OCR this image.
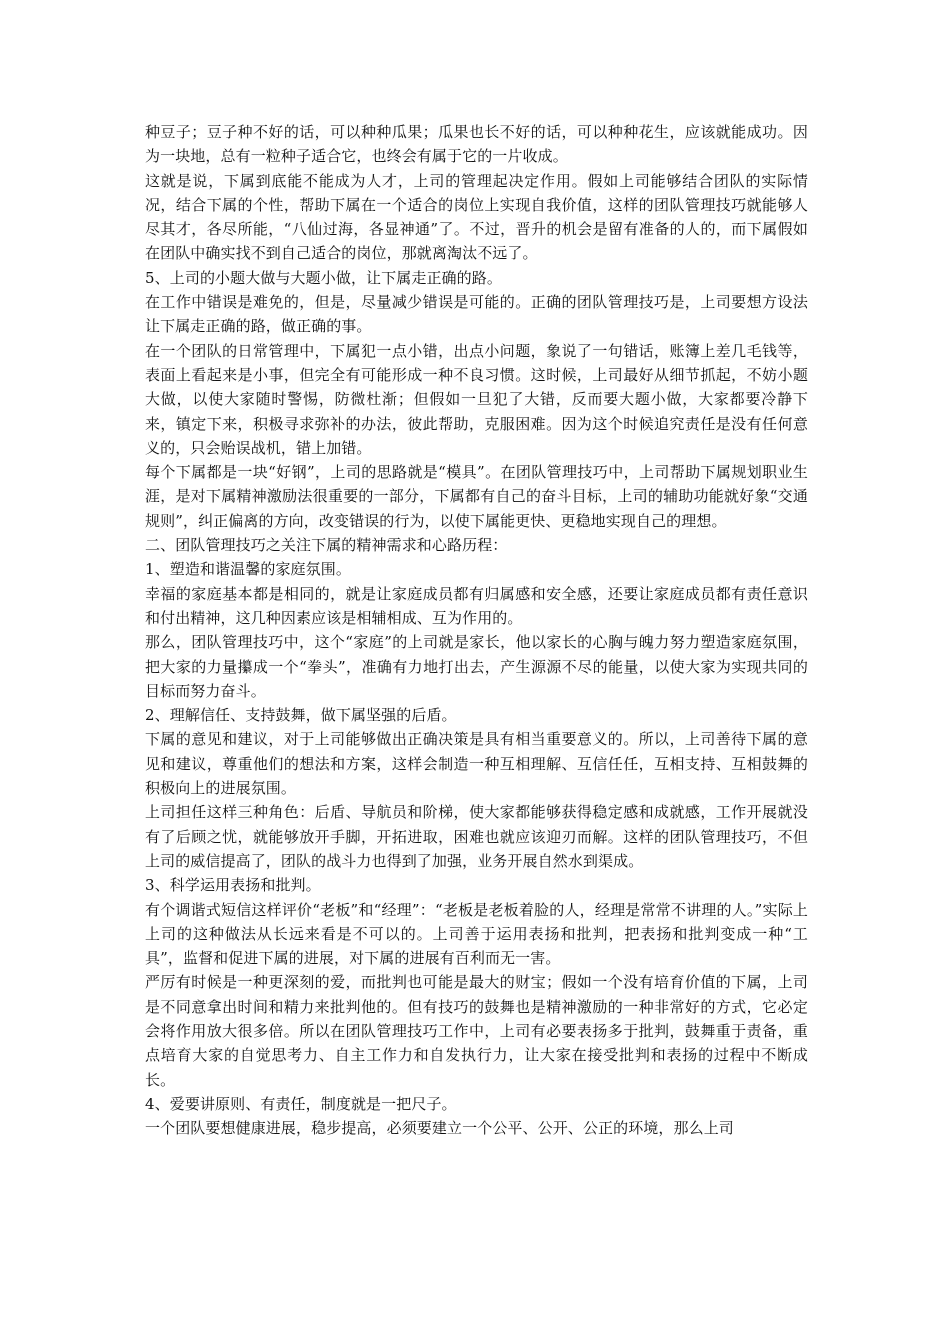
种豆子；豆子种不好的话，可以种种瓜果；瓜果也长不好的话，可以种种花生，应该就能成功。因为一块地，总有一粒种子适合它，也终会有属于它的一片收成。

这就是说，下属到底能不能成为人才，上司的管理起决定作用。假如上司能够结合团队的实际情况，结合下属的个性，帮助下属在一个适合的岗位上实现自我价值，这样的团队管理技巧就能够人尽其才，各尽所能，“八仙过海，各显神通”了。不过，晋升的机会是留有准备的人的，而下属假如在团队中确实找不到自己适合的岗位，那就离淘汰不远了。

5、上司的小题大做与大题小做，让下属走正确的路。

在工作中错误是难免的，但是，尽量减少错误是可能的。正确的团队管理技巧是，上司要想方设法让下属走正确的路，做正确的事。

在一个团队的日常管理中，下属犯一点小错，出点小问题，象说了一句错话，账簿上差几毛钱等，表面上看起来是小事，但完全有可能形成一种不良习惯。这时候，上司最好从细节抓起，不妨小题大做，以使大家随时警惕，防微杜渐；但假如一旦犯了大错，反而要大题小做，大家都要冷静下来，镇定下来，积极寻求弥补的办法，彼此帮助，克服困难。因为这个时候追究责任是没有任何意义的，只会贻误战机，错上加错。

每个下属都是一块“好钢”，上司的思路就是“模具”。在团队管理技巧中，上司帮助下属规划职业生涯，是对下属精神激励法很重要的一部分，下属都有自己的奋斗目标，上司的辅助功能就好象“交通规则”，纠正偏离的方向，改变错误的行为，以使下属能更快、更稳地实现自己的理想。

二、团队管理技巧之关注下属的精神需求和心路历程：

1、塑造和谐温馨的家庭氛围。

幸福的家庭基本都是相同的，就是让家庭成员都有归属感和安全感，还要让家庭成员都有责任意识和付出精神，这几种因素应该是相辅相成、互为作用的。

那么，团队管理技巧中，这个“家庭”的上司就是家长，他以家长的心胸与魄力努力塑造家庭氛围，把大家的力量攥成一个“拳头”，准确有力地打出去，产生源源不尽的能量，以使大家为实现共同的目标而努力奋斗。

2、理解信任、支持鼓舞，做下属坚强的后盾。

下属的意见和建议，对于上司能够做出正确决策是具有相当重要意义的。所以，上司善待下属的意见和建议，尊重他们的想法和方案，这样会制造一种互相理解、互信任任，互相支持、互相鼓舞的积极向上的进展氛围。

上司担任这样三种角色：后盾、导航员和阶梯，使大家都能够获得稳定感和成就感，工作开展就没有了后顾之忧，就能够放开手脚，开拓进取，困难也就应该迎刃而解。这样的团队管理技巧，不但上司的威信提高了，团队的战斗力也得到了加强，业务开展自然水到渠成。

3、科学运用表扬和批判。

有个调谐式短信这样评价“老板”和“经理”：“老板是老板着脸的人，经理是常常不讲理的人。”实际上上司的这种做法从长远来看是不可以的。上司善于运用表扬和批判，把表扬和批判变成一种“工具”，监督和促进下属的进展，对下属的进展有百利而无一害。

严厉有时候是一种更深刻的爱，而批判也可能是最大的财宝；假如一个没有培育价值的下属，上司是不同意拿出时间和精力来批判他的。但有技巧的鼓舞也是精神激励的一种非常好的方式，它必定会将作用放大很多倍。所以在团队管理技巧工作中，上司有必要表扬多于批判，鼓舞重于责备，重点培育大家的自觉思考力、自主工作力和自发执行力，让大家在接受批判和表扬的过程中不断成长。

4、爱要讲原则、有责任，制度就是一把尺子。

一个团队要想健康进展，稳步提高，必须要建立一个公平、公开、公正的环境，那么上司
